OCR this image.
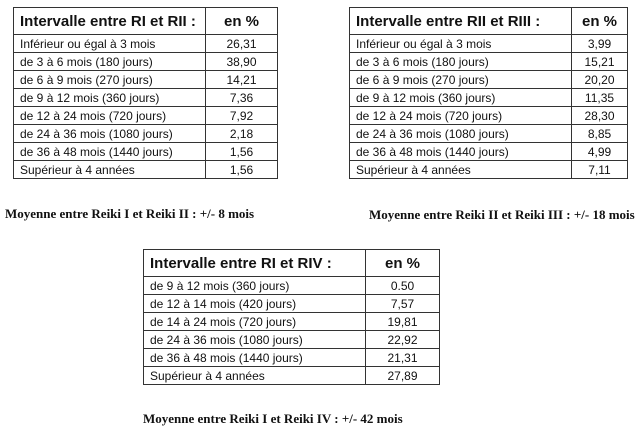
Intervalle entre RI et RII :	en %
Inférieur ou égal à 3 mois	26,31
de 3 à 6 mois (180 jours)	38,90
de 6 à 9 mois (270 jours)	14,21
de 9 à 12 mois (360 jours)	7,36
de 12 à 24 mois (720 jours)	7,92
de 24 à 36 mois (1080 jours)	2,18
de 36 à 48 mois (1440 jours)	1,56
Supérieur à 4 années	1,56
Moyenne entre Reiki I et Reiki II : +/- 8 mois
Intervalle entre RII et RIII :	en %
Inférieur ou égal à 3 mois	3,99
de 3 à 6 mois (180 jours)	15,21
de 6 à 9 mois (270 jours)	20,20
de 9 à 12 mois (360 jours)	11,35
de 12 à 24 mois (720 jours)	28,30
de 24 à 36 mois (1080 jours)	8,85
de 36 à 48 mois (1440 jours)	4,99
Supérieur à 4 années	7,11
Moyenne entre Reiki II et Reiki III : +/- 18 mois
Intervalle entre RI et RIV :	en %
de 9 à 12 mois (360 jours)	0.50
de 12 à 14 mois (420 jours)	7,57
de 14 à 24 mois (720 jours)	19,81
de 24 à 36 mois (1080 jours)	22,92
de 36 à 48 mois (1440 jours)	21,31
Supérieur à 4 années	27,89
Moyenne entre Reiki I et Reiki IV : +/- 42 mois
